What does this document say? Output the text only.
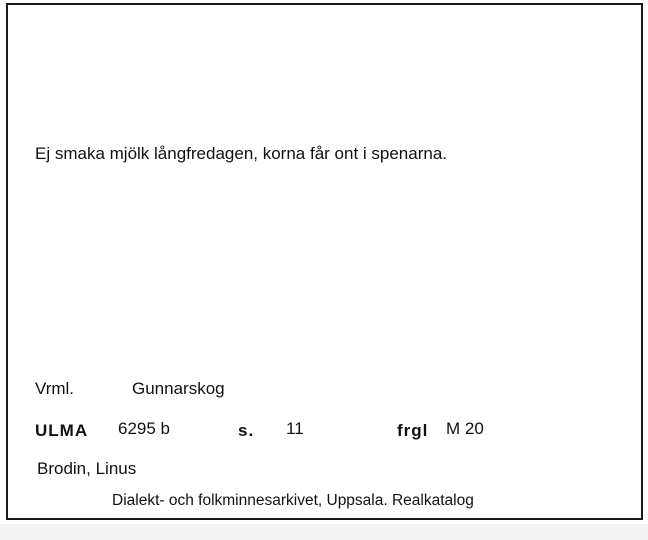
Ej smaka mjölk långfredagen, korna får ont i spenarna.
Vrml.	Gunnarskog
ULMA 6295 b	s. 11	frgl M 20
Brodin, Linus
Dialekt- och folkminnesarkivet, Uppsala. Realkatalog
